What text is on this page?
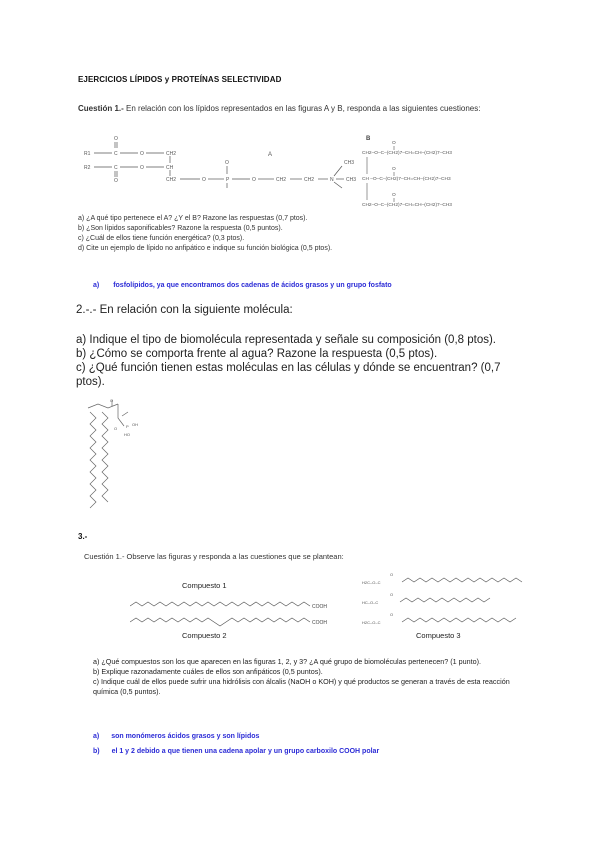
EJERCICIOS LÍPIDOS y PROTEÍNAS SELECTIVIDAD
Cuestión 1.- En relación con los lípidos representados en las figuras A y B, responda a las siguientes cuestiones:
R1
R2
C
C
O
O
O
O
CH2
CH
CH2	O	P
O
O	CH2	CH2	N
CH3
CH3
A
B
CH2–O–C–(CH2)7–CH=CH–(CH2)7–CH3
CH –O–C–(CH2)7–CH=CH–(CH2)7–CH3
CH2–O–C–(CH2)7–CH=CH–(CH2)7–CH3
O
O
O
a) ¿A qué tipo pertenece el A? ¿Y el B? Razone las respuestas (0,7 ptos).
b) ¿Son lípidos saponificables? Razone la respuesta (0,5 puntos).
c) ¿Cuál de ellos tiene función energética? (0,3 ptos).
d) Cite un ejemplo de lípido no anfipático e indique su función biológica (0,5 ptos).
a) fosfolípidos, ya que encontramos dos cadenas de ácidos grasos y un grupo fosfato
2.-.- En relación con la siguiente molécula:
a) Indique el tipo de biomolécula representada y señale su composición (0,8 ptos).
b) ¿Cómo se comporta frente al agua? Razone la respuesta (0,5 ptos).
c) ¿Qué función tienen estas moléculas en las células y dónde se encuentran? (0,7 ptos).
O P OH
HO
O
3.-
Cuestión 1.- Observe las figuras y responda a las cuestiones que se plantean:
Compuesto 1
COOH
COOH
Compuesto 2
H2C–O–C
HC–O–C
H2C–O–C
O
O
O
Compuesto 3
a) ¿Qué compuestos son los que aparecen en las figuras 1, 2, y 3? ¿A qué grupo de biomoléculas pertenecen? (1 punto).
b) Explique razonadamente cuáles de ellos son anfipáticos (0,5 puntos).
c) Indique cuál de ellos puede sufrir una hidrólisis con álcalis (NaOH o KOH) y qué productos se generan a través de esta reacción química (0,5 puntos).
a) son monómeros ácidos grasos y son lípidos
b) el 1 y 2 debido a que tienen una cadena apolar y un grupo carboxilo COOH polar
